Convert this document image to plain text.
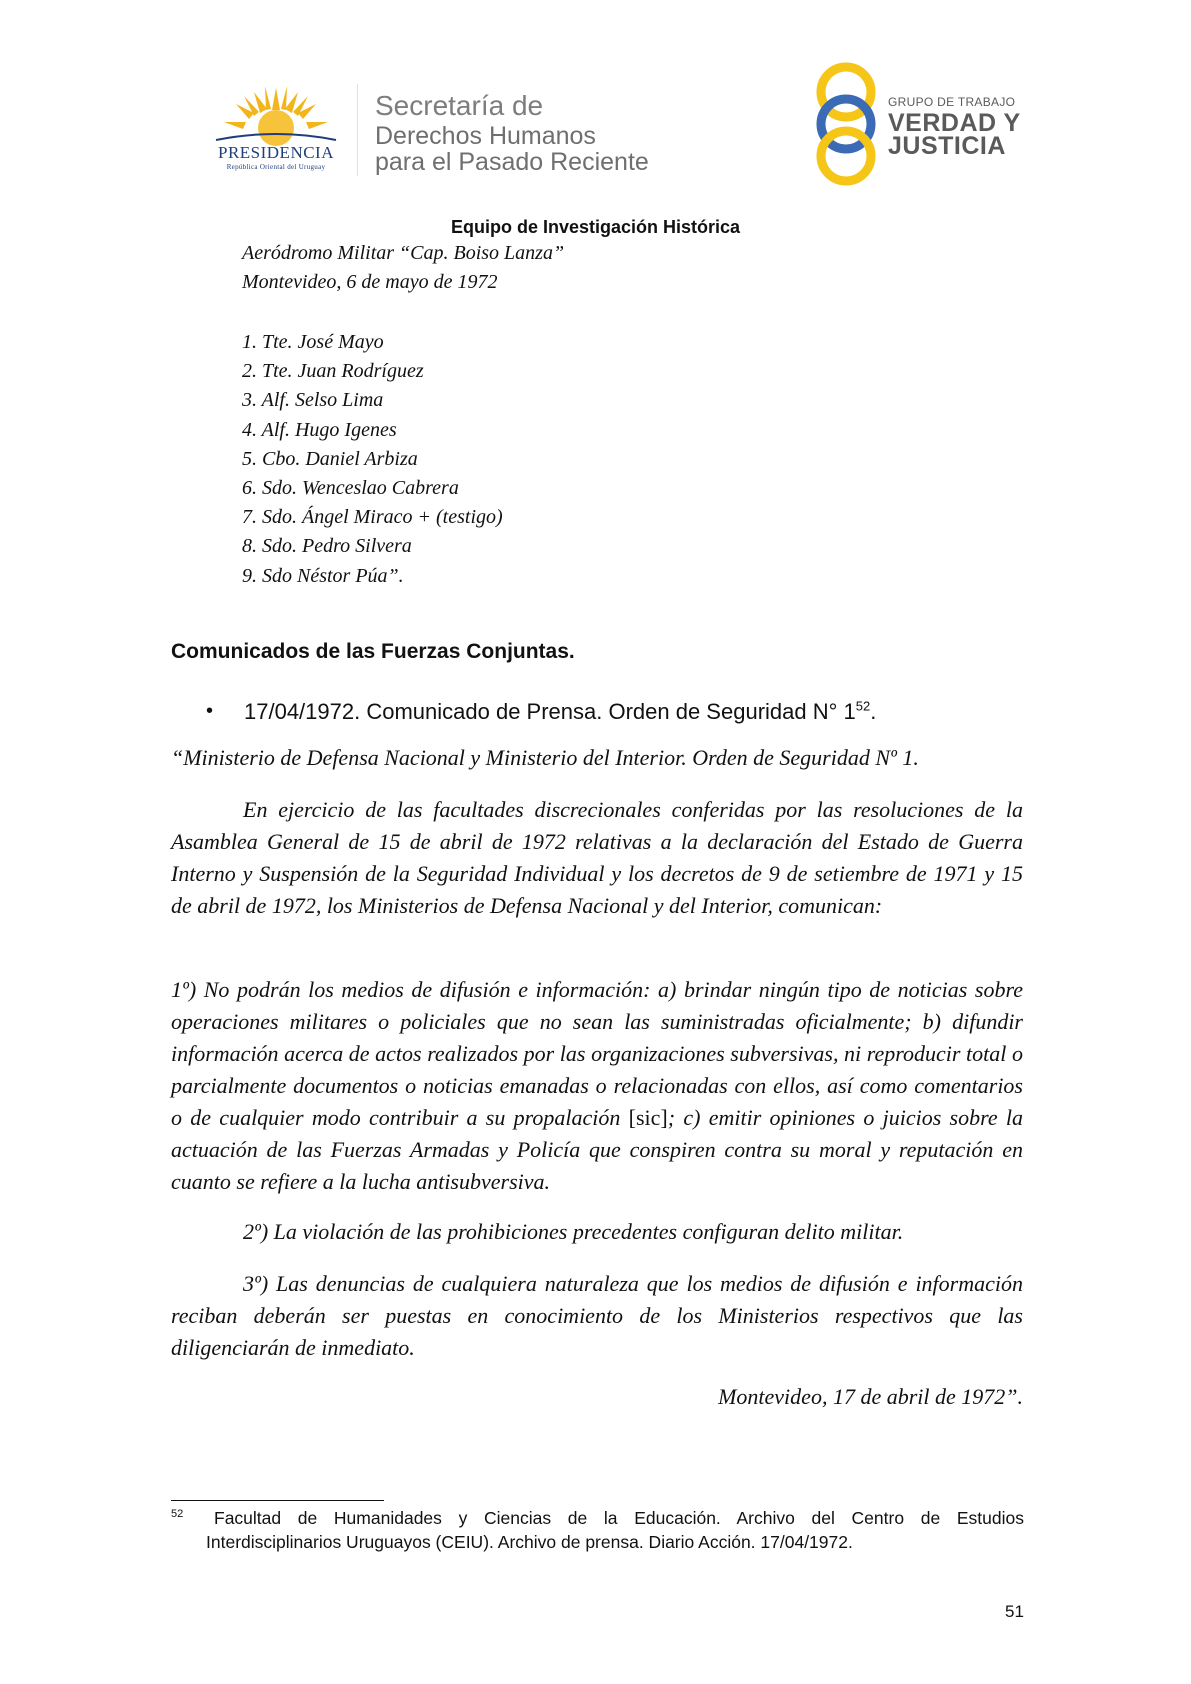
PRESIDENCIA
República Oriental del Uruguay
Secretaría de
Derechos Humanos
para el Pasado Reciente
GRUPO DE TRABAJO
VERDAD Y
JUSTICIA
Equipo de Investigación Histórica
Aeródromo Militar “Cap. Boiso Lanza”
Montevideo, 6 de mayo de 1972
1. Tte. José Mayo
2. Tte. Juan Rodríguez
3. Alf. Selso Lima
4. Alf. Hugo Igenes
5. Cbo. Daniel Arbiza
6. Sdo. Wenceslao Cabrera
7. Sdo. Ángel Miraco + (testigo)
8. Sdo. Pedro Silvera
9. Sdo Néstor Púa”.
Comunicados de las Fuerzas Conjuntas.
• 17/04/1972. Comunicado de Prensa. Orden de Seguridad N° $1^{52}$.
“Ministerio de Defensa Nacional y Ministerio del Interior. Orden de Seguridad Nº 1.
En ejercicio de las facultades discrecionales conferidas por las resoluciones de la Asamblea General de 15 de abril de 1972 relativas a la declaración del Estado de Guerra Interno y Suspensión de la Seguridad Individual y los decretos de 9 de setiembre de 1971 y 15 de abril de 1972, los Ministerios de Defensa Nacional y del Interior, comunican:
1º) No podrán los medios de difusión e información: a) brindar ningún tipo de noticias sobre operaciones militares o policiales que no sean las suministradas oficialmente; b) difundir información acerca de actos realizados por las organizaciones subversivas, ni reproducir total o parcialmente documentos o noticias emanadas o relacionadas con ellos, así como comentarios o de cualquier modo contribuir a su propalación [sic]; c) emitir opiniones o juicios sobre la actuación de las Fuerzas Armadas y Policía que conspiren contra su moral y reputación en cuanto se refiere a la lucha antisubversiva.
2º) La violación de las prohibiciones precedentes configuran delito militar.
3º) Las denuncias de cualquiera naturaleza que los medios de difusión e información reciban deberán ser puestas en conocimiento de los Ministerios respectivos que las diligenciarán de inmediato.
Montevideo, 17 de abril de 1972”.
52 Facultad de Humanidades y Ciencias de la Educación. Archivo del Centro de Estudios
Interdisciplinarios Uruguayos (CEIU). Archivo de prensa. Diario Acción. 17/04/1972.
51
